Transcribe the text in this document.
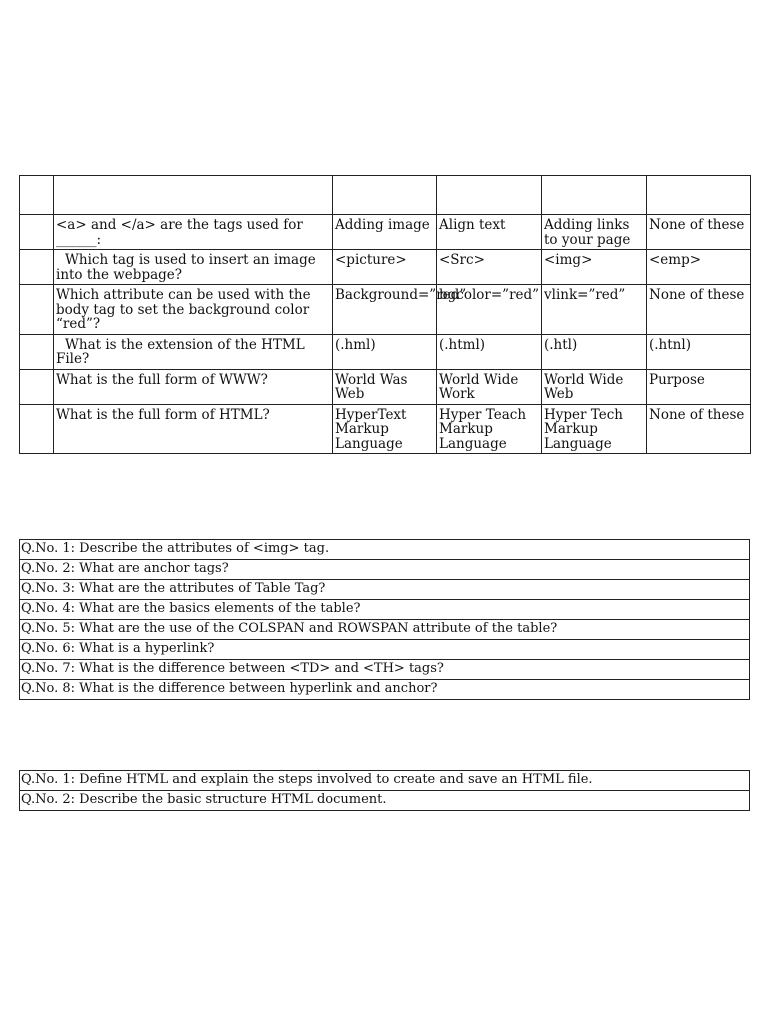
	<a> and </a> are the tags used for ______:	Adding image	Align text	Adding links to your page	None of these
	Which tag is used to insert an image into the webpage?	<picture>	<Src>	<img>	<emp>
	Which attribute can be used with the body tag to set the background color “red”?	Background=”red”	bgcolor=”red”	vlink=”red”	None of these
	What is the extension of the HTML File?	(.hml)	(.html)	(.htl)	(.htnl)
	What is the full form of WWW?	World Was Web	World Wide Work	World Wide Web	Purpose
	What is the full form of HTML?	HyperText Markup Language	Hyper Teach Markup Language	Hyper Tech Markup Language	None of these
Q.No. 1: Describe the attributes of <img> tag.
Q.No. 2: What are anchor tags?
Q.No. 3: What are the attributes of Table Tag?
Q.No. 4: What are the basics elements of the table?
Q.No. 5: What are the use of the COLSPAN and ROWSPAN attribute of the table?
Q.No. 6: What is a hyperlink?
Q.No. 7: What is the difference between <TD> and <TH> tags?
Q.No. 8: What is the difference between hyperlink and anchor?
Q.No. 1: Define HTML and explain the steps involved to create and save an HTML file.
Q.No. 2: Describe the basic structure HTML document.
